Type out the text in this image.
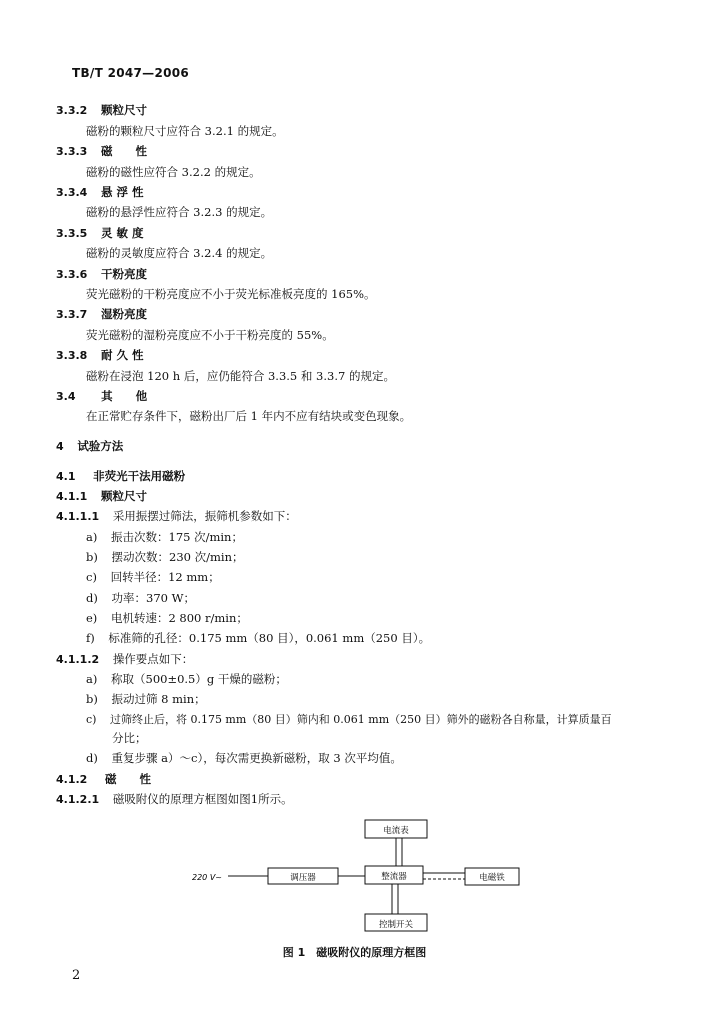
TB/T 2047—2006
3.3.2 颗粒尺寸
磁粉的颗粒尺寸应符合 3.2.1 的规定。
3.3.3 磁　　性
磁粉的磁性应符合 3.2.2 的规定。
3.3.4 悬 浮 性
磁粉的悬浮性应符合 3.2.3 的规定。
3.3.5 灵 敏 度
磁粉的灵敏度应符合 3.2.4 的规定。
3.3.6 干粉亮度
荧光磁粉的干粉亮度应不小于荧光标准板亮度的 165%。
3.3.7 湿粉亮度
荧光磁粉的湿粉亮度应不小于干粉亮度的 55%。
3.3.8 耐 久 性
磁粉在浸泡 120 h 后，应仍能符合 3.3.5 和 3.3.7 的规定。
3.4 其　　他
在正常贮存条件下，磁粉出厂后 1 年内不应有结块或变色现象。
4 试验方法
4.1 非荧光干法用磁粉
4.1.1 颗粒尺寸
4.1.1.1 采用振摆过筛法，振筛机参数如下：
a) 振击次数：175 次/min；
b) 摆动次数：230 次/min；
c) 回转半径：12 mm；
d) 功率：370 W；
e) 电机转速：2 800 r/min；
f) 标准筛的孔径：0.175 mm（80 目），0.061 mm（250 目）。
4.1.1.2 操作要点如下：
a) 称取（500±0.5）g 干燥的磁粉；
b) 振动过筛 8 min；
c) 过筛终止后，将 0.175 mm（80 目）筛内和 0.061 mm（250 目）筛外的磁粉各自称量，计算质量百
分比；
d) 重复步骤 a）～c），每次需更换新磁粉，取 3 次平均值。
4.1.2 磁　　性
4.1.2.1 磁吸附仪的原理方框图如图1所示。
220 V~	调压器	整流器
电流表
电磁铁
控制开关
图 1　磁吸附仪的原理方框图
2
